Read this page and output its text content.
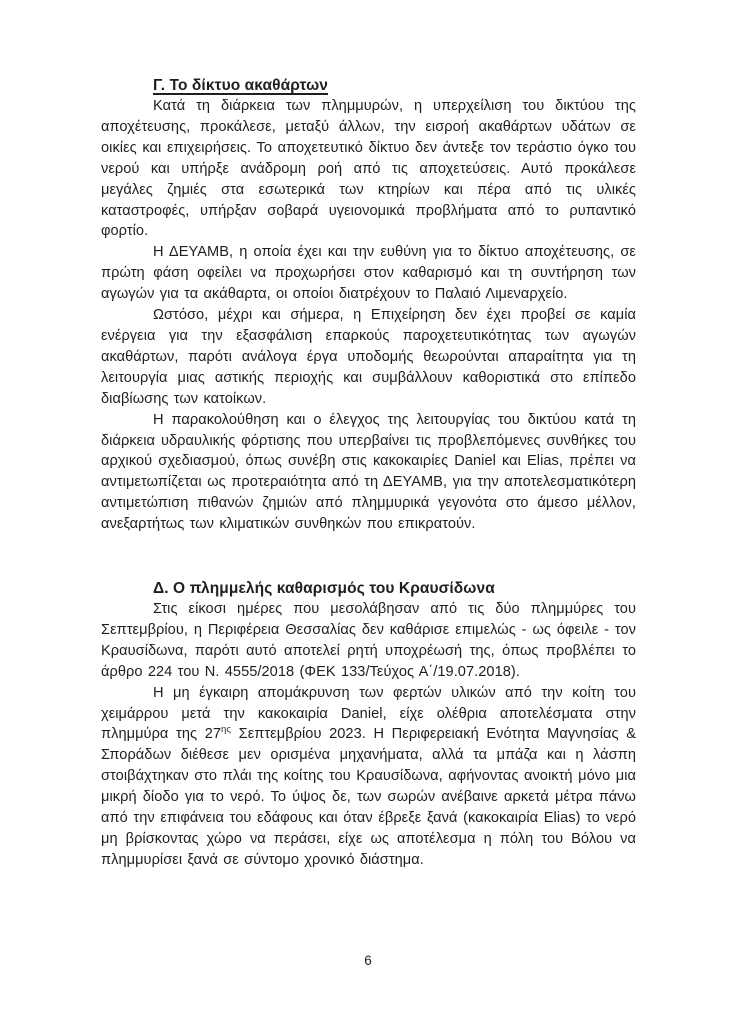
Γ. Το δίκτυο ακαθάρτων

Κατά τη διάρκεια των πλημμυρών, η υπερχείλιση του δικτύου της αποχέτευσης, προκάλεσε, μεταξύ άλλων, την εισροή ακαθάρτων υδάτων σε οικίες και επιχειρήσεις. Το αποχετευτικό δίκτυο δεν άντεξε τον τεράστιο όγκο του νερού και υπήρξε ανάδρομη ροή από τις αποχετεύσεις. Αυτό προκάλεσε μεγάλες ζημιές στα εσωτερικά των κτηρίων και πέρα από τις υλικές καταστροφές, υπήρξαν σοβαρά υγειονομικά προβλήματα από το ρυπαντικό φορτίο.

Η ΔΕΥΑΜΒ, η οποία έχει και την ευθύνη για το δίκτυο αποχέτευσης, σε πρώτη φάση οφείλει να προχωρήσει στον καθαρισμό και τη συντήρηση των αγωγών για τα ακάθαρτα, οι οποίοι διατρέχουν το Παλαιό Λιμεναρχείο.

Ωστόσο, μέχρι και σήμερα, η Επιχείρηση δεν έχει προβεί σε καμία ενέργεια για την εξασφάλιση επαρκούς παροχετευτικότητας των αγωγών ακαθάρτων, παρότι ανάλογα έργα υποδομής θεωρούνται απαραίτητα για τη λειτουργία μιας αστικής περιοχής και συμβάλλουν καθοριστικά στο επίπεδο διαβίωσης των κατοίκων.

Η παρακολούθηση και ο έλεγχος της λειτουργίας του δικτύου κατά τη διάρκεια υδραυλικής φόρτισης που υπερβαίνει τις προβλεπόμενες συνθήκες του αρχικού σχεδιασμού, όπως συνέβη στις κακοκαιρίες Daniel και Elias, πρέπει να αντιμετωπίζεται ως προτεραιότητα από τη ΔΕΥΑΜΒ, για την αποτελεσματικότερη αντιμετώπιση πιθανών ζημιών από πλημμυρικά γεγονότα στο άμεσο μέλλον, ανεξαρτήτως των κλιματικών συνθηκών που επικρατούν.

Δ. Ο πλημμελής καθαρισμός του Κραυσίδωνα

Στις είκοσι ημέρες που μεσολάβησαν από τις δύο πλημμύρες του Σεπτεμβρίου, η Περιφέρεια Θεσσαλίας δεν καθάρισε επιμελώς - ως όφειλε - τον Κραυσίδωνα, παρότι αυτό αποτελεί ρητή υποχρέωσή της, όπως προβλέπει το άρθρο 224 του Ν. 4555/2018 (ΦΕΚ 133/Τεύχος Α΄/19.07.2018).

Η μη έγκαιρη απομάκρυνση των φερτών υλικών από την κοίτη του χειμάρρου μετά την κακοκαιρία Daniel, είχε ολέθρια αποτελέσματα στην πλημμύρα της $27^{\eta\varsigma}$ Σεπτεμβρίου 2023. Η Περιφερειακή Ενότητα Μαγνησίας & Σποράδων διέθεσε μεν ορισμένα μηχανήματα, αλλά τα μπάζα και η λάσπη στοιβάχτηκαν στο πλάι της κοίτης του Κραυσίδωνα, αφήνοντας ανοικτή μόνο μια μικρή δίοδο για το νερό. Το ύψος δε, των σωρών ανέβαινε αρκετά μέτρα πάνω από την επιφάνεια του εδάφους και όταν έβρεξε ξανά (κακοκαιρία Elias) το νερό μη βρίσκοντας χώρο να περάσει, είχε ως αποτέλεσμα η πόλη του Βόλου να πλημμυρίσει ξανά σε σύντομο χρονικό διάστημα.

6
